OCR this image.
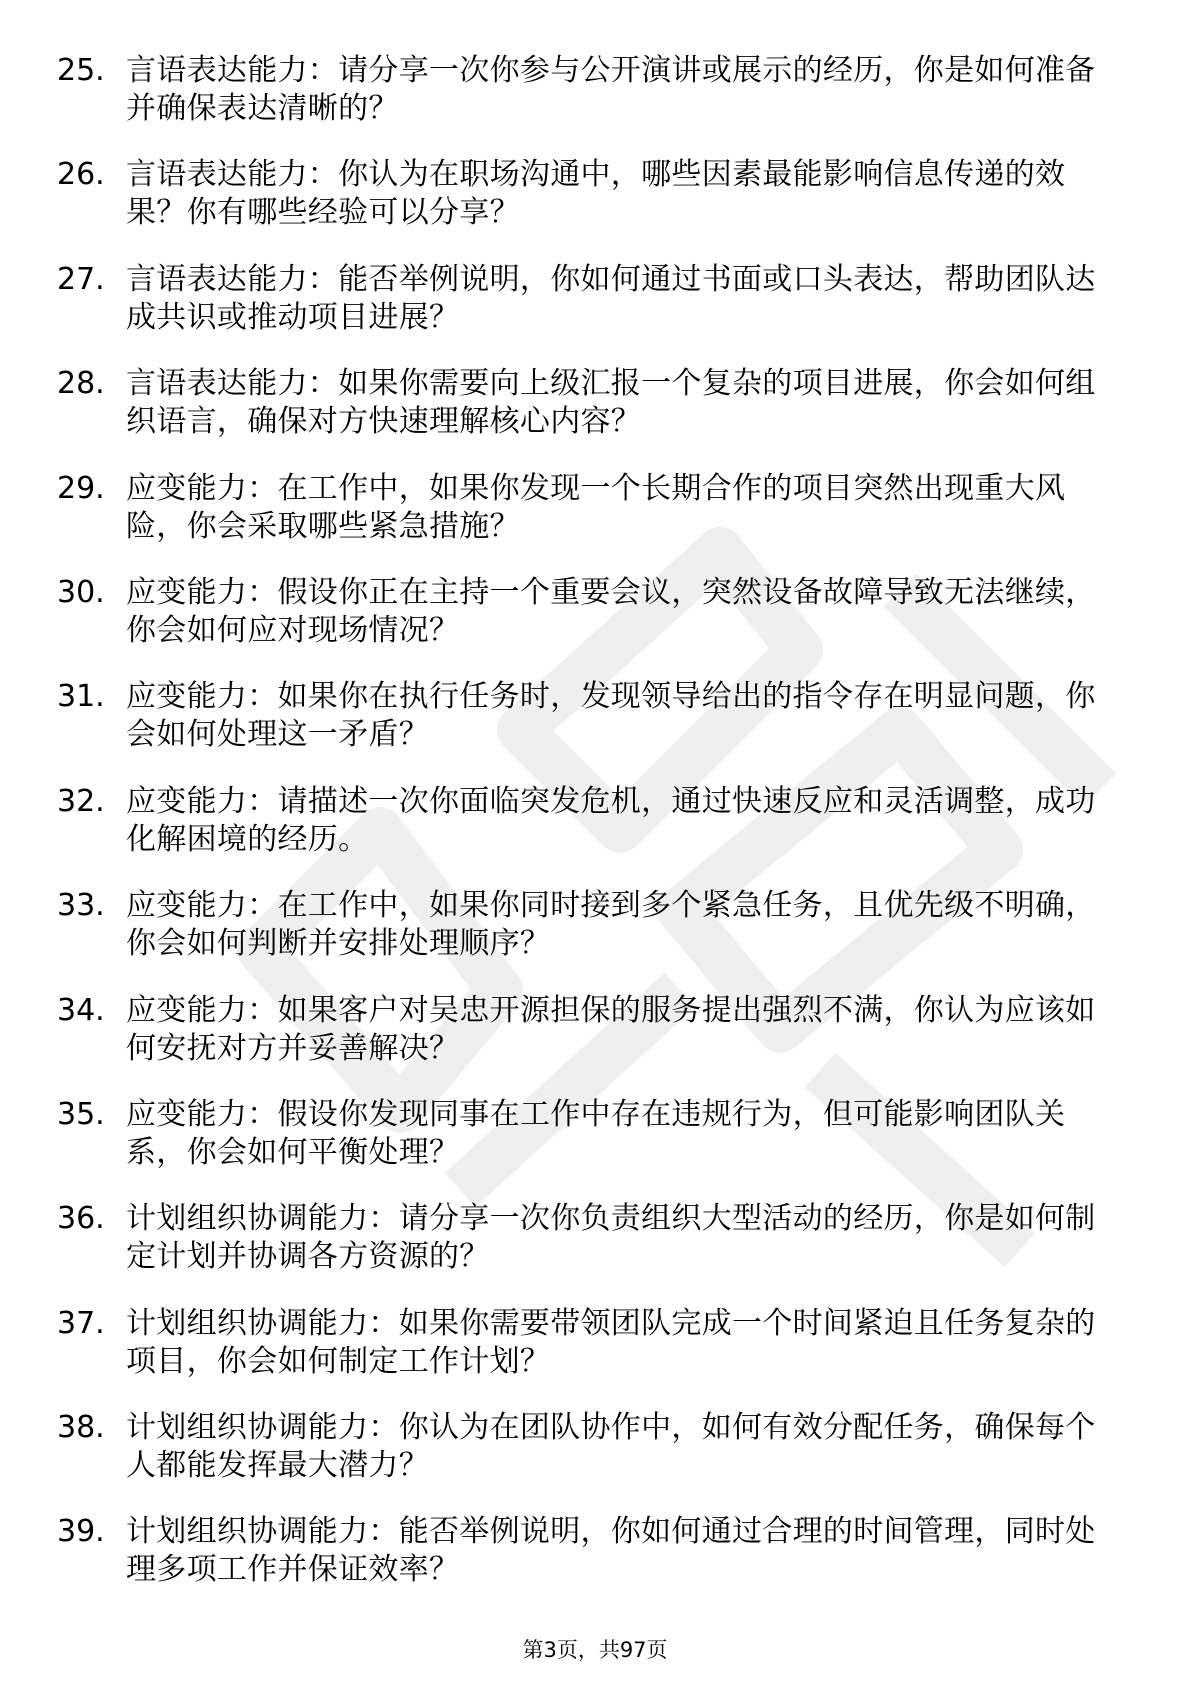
25. 言语表达能力：请分享一次你参与公开演讲或展示的经历，你是如何准备并确保表达清晰的？

26. 言语表达能力：你认为在职场沟通中，哪些因素最能影响信息传递的效果？你有哪些经验可以分享？

27. 言语表达能力：能否举例说明，你如何通过书面或口头表达，帮助团队达成共识或推动项目进展？

28. 言语表达能力：如果你需要向上级汇报一个复杂的项目进展，你会如何组织语言，确保对方快速理解核心内容？

29. 应变能力：在工作中，如果你发现一个长期合作的项目突然出现重大风险，你会采取哪些紧急措施？

30. 应变能力：假设你正在主持一个重要会议，突然设备故障导致无法继续，你会如何应对现场情况？

31. 应变能力：如果你在执行任务时，发现领导给出的指令存在明显问题，你会如何处理这一矛盾？

32. 应变能力：请描述一次你面临突发危机，通过快速反应和灵活调整，成功化解困境的经历。

33. 应变能力：在工作中，如果你同时接到多个紧急任务，且优先级不明确，你会如何判断并安排处理顺序？

34. 应变能力：如果客户对吴忠开源担保的服务提出强烈不满，你认为应该如何安抚对方并妥善解决？

35. 应变能力：假设你发现同事在工作中存在违规行为，但可能影响团队关系，你会如何平衡处理？

36. 计划组织协调能力：请分享一次你负责组织大型活动的经历，你是如何制定计划并协调各方资源的？

37. 计划组织协调能力：如果你需要带领团队完成一个时间紧迫且任务复杂的项目，你会如何制定工作计划？

38. 计划组织协调能力：你认为在团队协作中，如何有效分配任务，确保每个人都能发挥最大潜力？

39. 计划组织协调能力：能否举例说明，你如何通过合理的时间管理，同时处理多项工作并保证效率？

第3页，共97页
